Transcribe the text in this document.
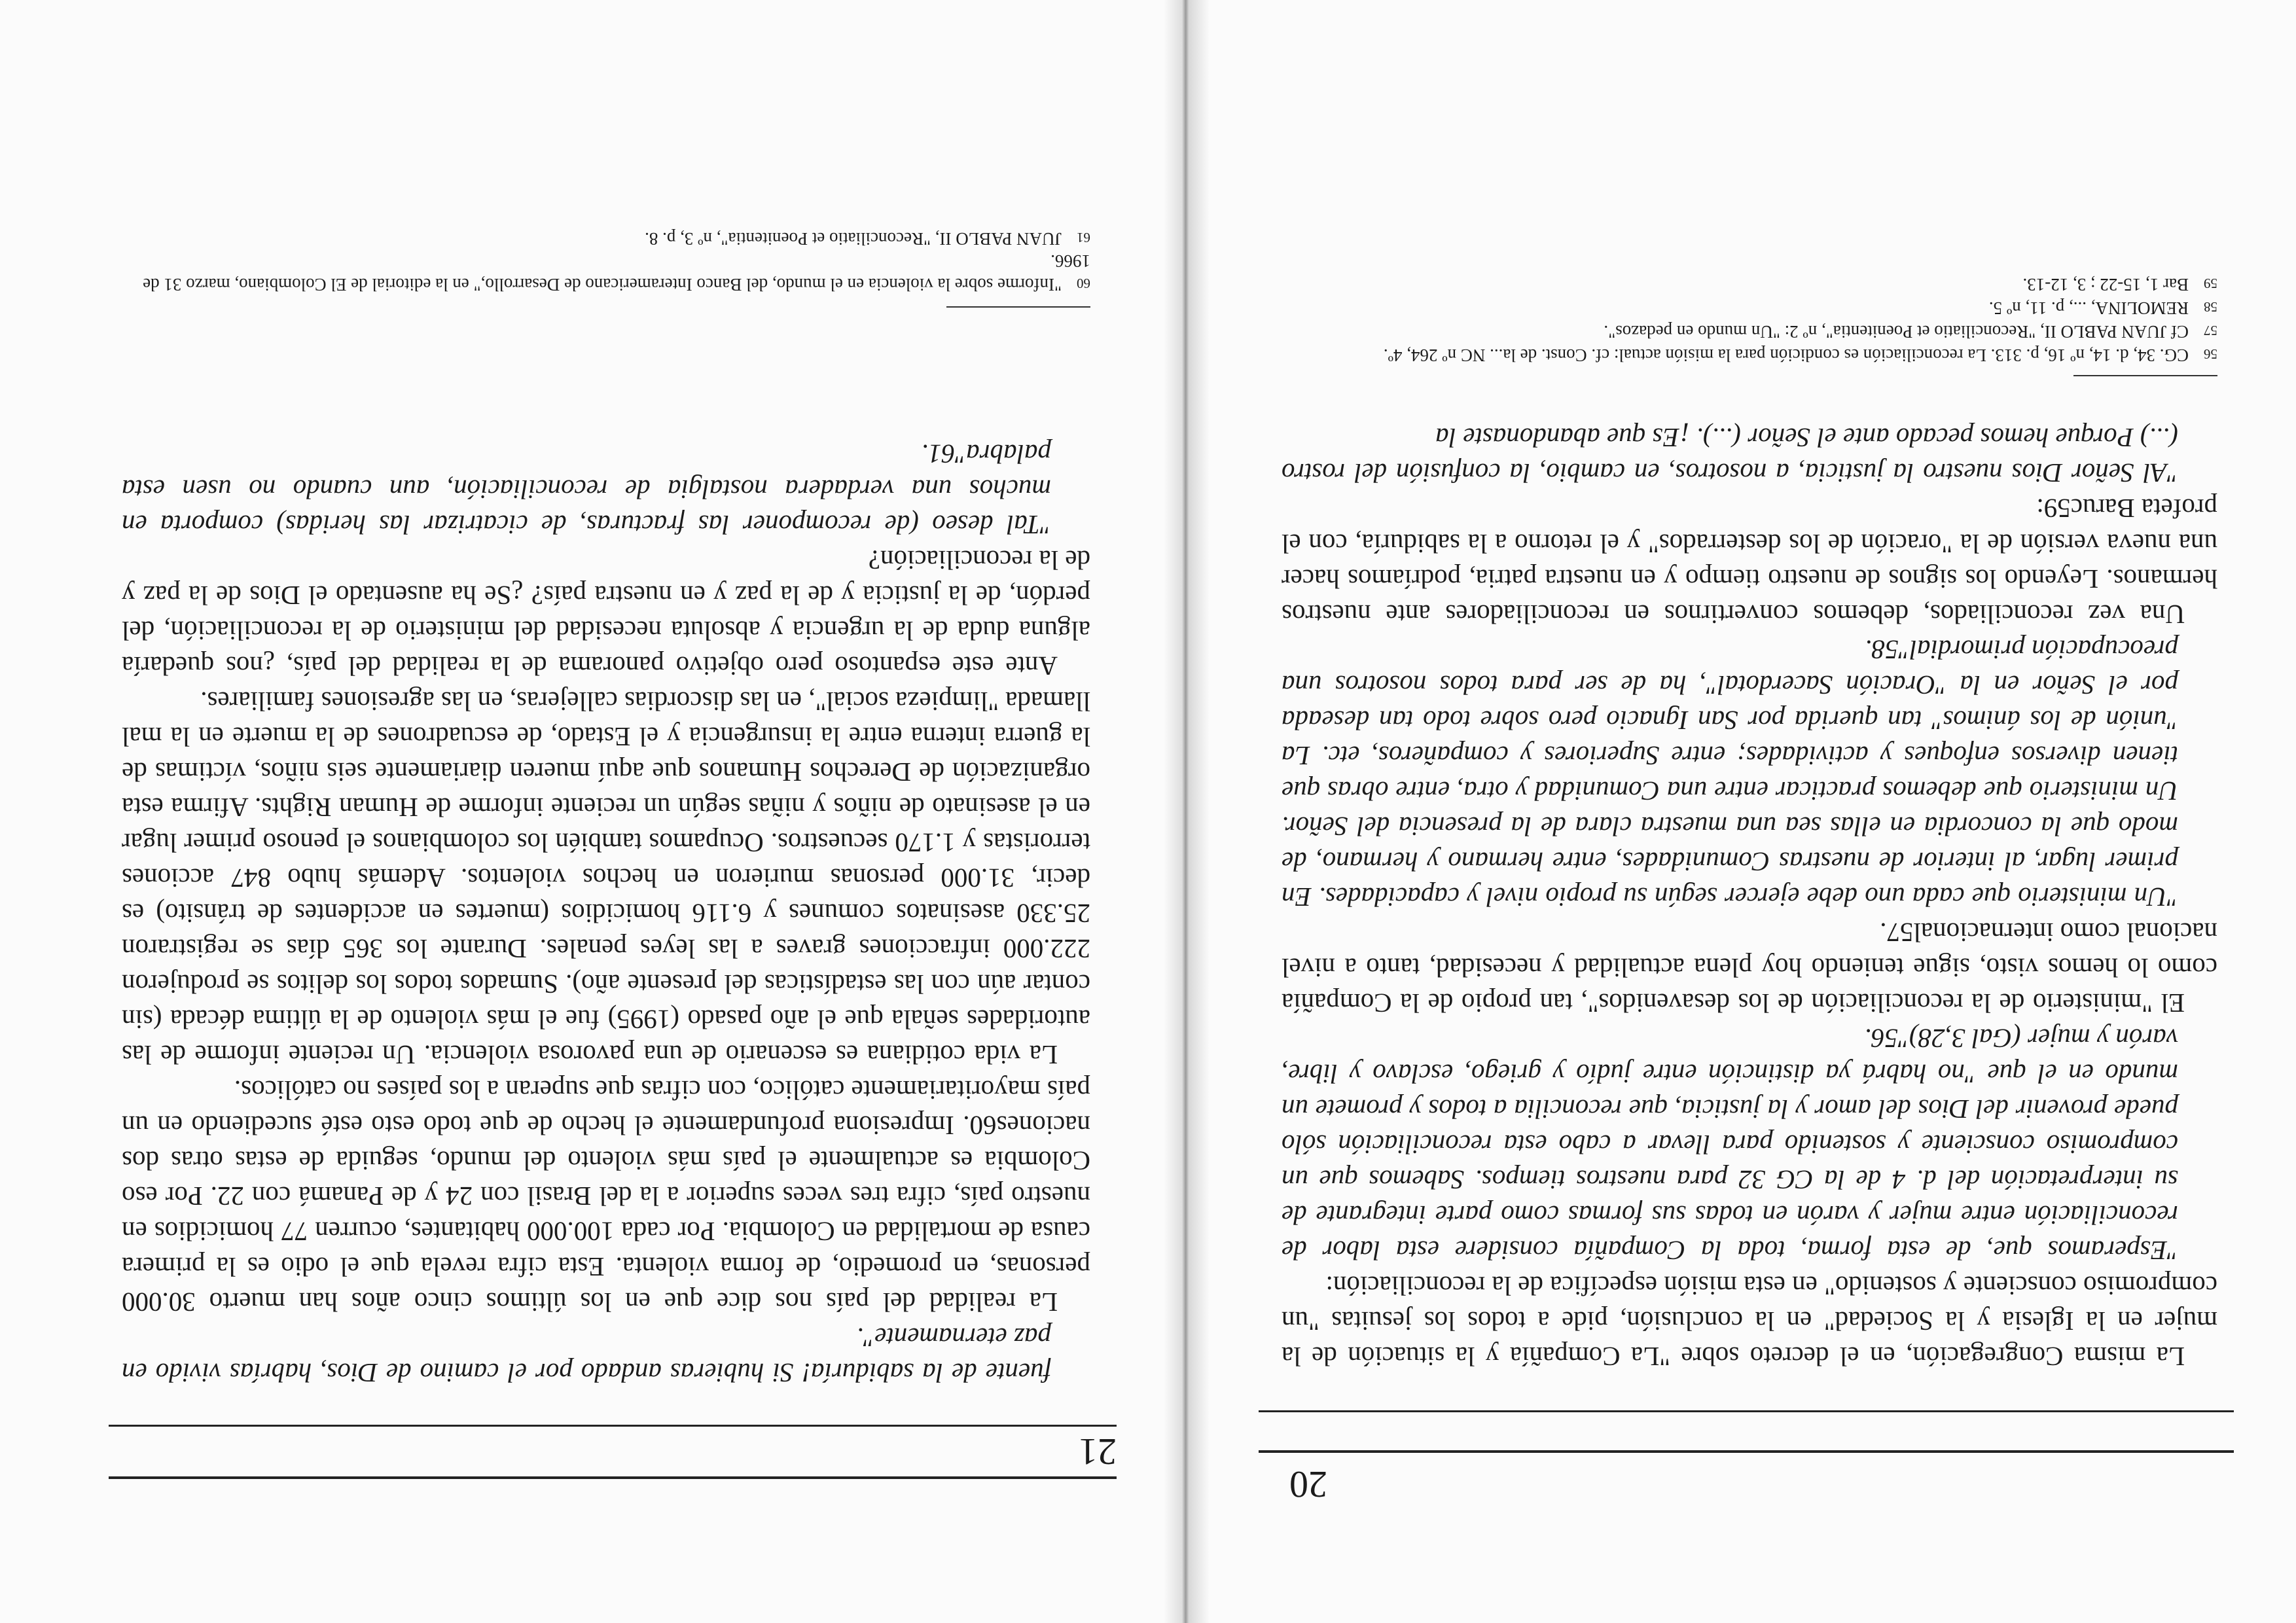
20

La misma Congregación, en el decreto sobre "La Compañía y la situación de la mujer en la Iglesia y la Sociedad" en la conclusión, pide a todos los jesuitas "un compromiso consciente y sostenido" en esta misión específica de la reconciliación:

"Esperamos que, de esta forma, toda la Compañía considere esta labor de reconciliación entre mujer y varón en todas sus formas como parte integrante de su interpretación del d. 4 de la CG 32 para nuestros tiempos. Sabemos que un compromiso consciente y sostenido para llevar a cabo esta reconciliación sólo puede provenir del Dios del amor y la justicia, que reconcilia a todos y promete un mundo en el que "no habrá ya distinción entre judío y griego, esclavo y libre, varón y mujer (Gal 3,28)"56.

El "ministerio de la reconciliación de los desavenidos", tan propio de la Compañía como lo hemos visto, sigue teniendo hoy plena actualidad y necesidad, tanto a nivel nacional como internacional57.

"Un ministerio que cada uno debe ejercer según su propio nivel y capacidades. En primer lugar, al interior de nuestras Comunidades, entre hermano y hermano, de modo que la concordia en ellas sea una muestra clara de la presencia del Señor. Un ministerio que debemos practicar entre una Comunidad y otra, entre obras que tienen diversos enfoques y actividades; entre Superiores y compañeros, etc. La "unión de los ánimos" tan querida por San Ignacio pero sobre todo tan deseada por el Señor en la "Oración Sacerdotal", ha de ser para todos nosotros una preocupación primordial"58.

Una vez reconciliados, debemos convertirnos en reconciliadores ante nuestros hermanos. Leyendo los signos de nuestro tiempo y en nuestra patria, podríamos hacer una nueva versión de la "oración de los desterrados" y el retorno a la sabiduría, con el profeta Baruc59:

"Al Señor Dios nuestro la justicia, a nosotros, en cambio, la confusión del rostro (...) Porque hemos pecado ante el Señor (...). ¡Es que abandonaste la

56CG. 34, d. 14, nº 16, p. 313. La reconciliación es condición para la misión actual: cf. Const. de la... NC nº 264, 4º.
57Cf JUAN PABLO II, "Reconciliatio et Poenitentia", nº 2: "Un mundo en pedazos".
58REMOLINA, ..., p. 11, nº 5.
59Bar 1, 15-22 ; 3, 12-13.
21

fuente de la sabiduría! Si hubieras andado por el camino de Dios, habrías vivido en paz eternamente".

La realidad del país nos dice que en los últimos cinco años han muerto 30.000 personas, en promedio, de forma violenta. Esta cifra revela que el odio es la primera causa de mortalidad en Colombia. Por cada 100.000 habitantes, ocurren 77 homicidios en nuestro país, cifra tres veces superior a la del Brasil con 24 y de Panamá con 22. Por eso Colombia es actualmente el país más violento del mundo, seguida de estas otras dos naciones60. Impresiona profundamente el hecho de que todo esto esté sucediendo en un país mayoritariamente católico, con cifras que superan a los países no católicos.

La vida cotidiana es escenario de una pavorosa violencia. Un reciente informe de las autoridades señala que el año pasado (1995) fue el más violento de la última década (sin contar aún con las estadísticas del presente año). Sumados todos los delitos se produjeron 222.000 infracciones graves a las leyes penales. Durante los 365 días se registraron 25.330 asesinatos comunes y 6.116 homicidios (muertes en accidentes de tránsito) es decir, 31.000 personas murieron en hechos violentos. Además hubo 847 acciones terroristas y 1.170 secuestros. Ocupamos también los colombianos el penoso primer lugar en el asesinato de niños y niñas según un reciente informe de Human Rights. Afirma esta organización de Derechos Humanos que aquí mueren diariamente seis niños, víctimas de la guerra interna entre la insurgencia y el Estado, de escuadrones de la muerte en la mal llamada "limpieza social", en las discordias callejeras, en las agresiones familiares.

Ante este espantoso pero objetivo panorama de la realidad del país, ¿nos quedaría alguna duda de la urgencia y absoluta necesidad del ministerio de la reconciliación, del perdón, de la justicia y de la paz y en nuestra país? ¿Se ha ausentado el Dios de la paz y de la reconciliación?

"Tal deseo (de recomponer las fracturas, de cicatrizar las heridas) comporta en muchos una verdadera nostalgia de reconciliación, aun cuando no usen esta palabra"61.

60"Informe sobre la violencia en el mundo, del Banco Interamericano de Desarrollo," en la editorial de El Colombiano, marzo 31 de 1966.
61JUAN PABLO II, "Reconciliatio et Poenitentia", nº 3, p. 8.
